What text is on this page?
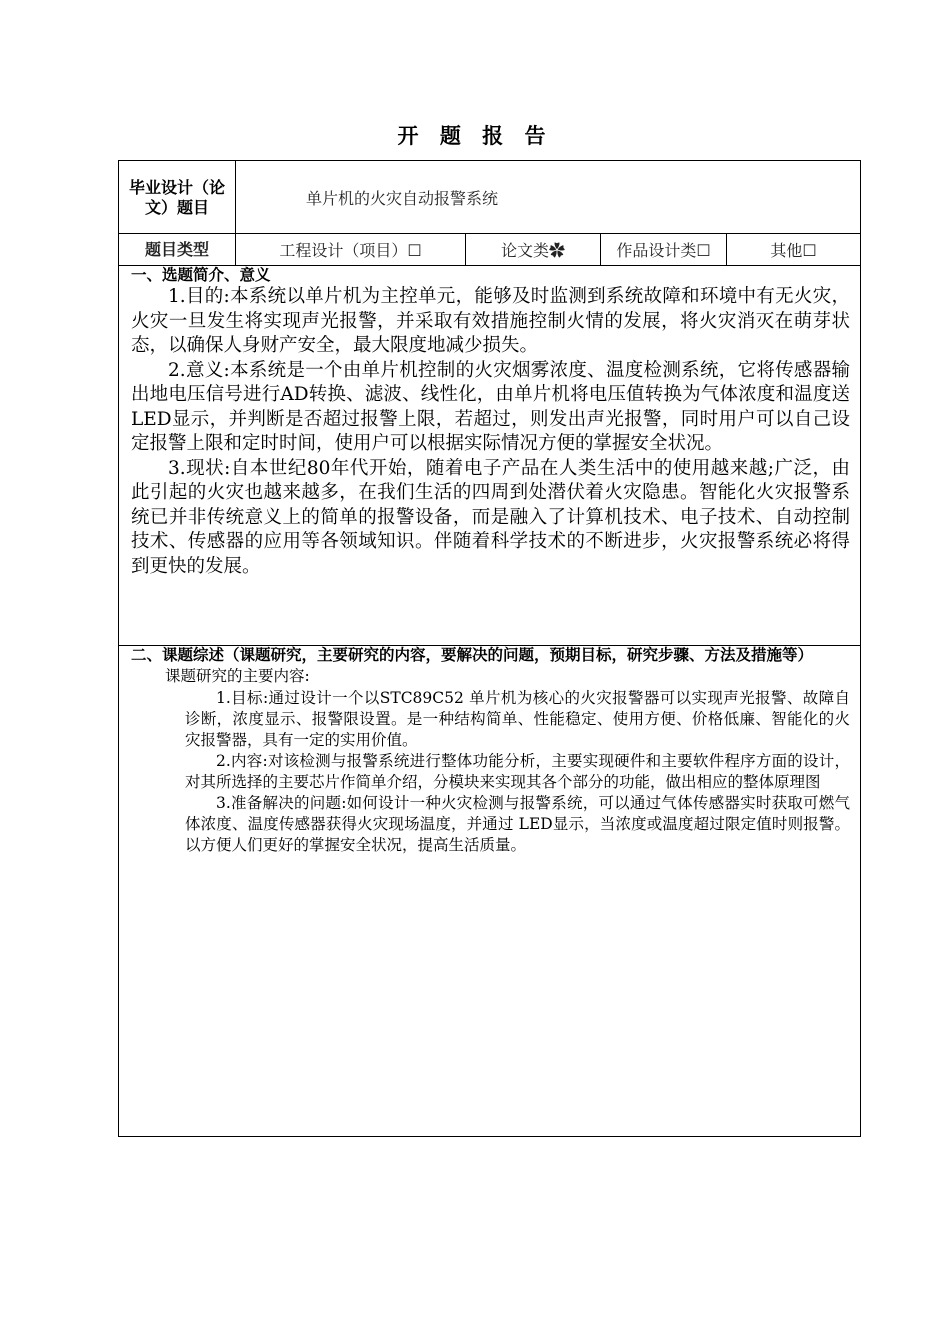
开 题 报 告
毕业设计（论文）题目	单片机的火灾自动报警系统			
题目类型	工程设计（项目）☐	论文类✿	作品设计类☐	其他☐

一、选题简介、意义

1.目的:本系统以单片机为主控单元，能够及时监测到系统故障和环境中有无火灾，火灾一旦发生将实现声光报警，并采取有效措施控制火情的发展，将火灾消灭在萌芽状态，以确保人身财产安全，最大限度地减少损失。

2.意义:本系统是一个由单片机控制的火灾烟雾浓度、温度检测系统，它将传感器输出地电压信号进行AD转换、滤波、线性化，由单片机将电压值转换为气体浓度和温度送LED显示，并判断是否超过报警上限，若超过，则发出声光报警，同时用户可以自己设定报警上限和定时时间，使用户可以根据实际情况方便的掌握安全状况。

3.现状:自本世纪80年代开始，随着电子产品在人类生活中的使用越来越;广泛，由此引起的火灾也越来越多，在我们生活的四周到处潜伏着火灾隐患。智能化火灾报警系统已并非传统意义上的简单的报警设备，而是融入了计算机技术、电子技术、自动控制技术、传感器的应用等各领域知识。伴随着科学技术的不断进步，火灾报警系统必将得到更快的发展。				

二、课题综述（课题研究，主要研究的内容，要解决的问题，预期目标，研究步骤、方法及措施等）
课题研究的主要内容:

1.目标:通过设计一个以STC89C52 单片机为核心的火灾报警器可以实现声光报警、故障自诊断，浓度显示、报警限设置。是一种结构简单、性能稳定、使用方便、价格低廉、智能化的火灾报警器，具有一定的实用价值。

2.内容:对该检测与报警系统进行整体功能分析，主要实现硬件和主要软件程序方面的设计，对其所选择的主要芯片作简单介绍，分模块来实现其各个部分的功能，做出相应的整体原理图

3.准备解决的问题:如何设计一种火灾检测与报警系统，可以通过气体传感器实时获取可燃气体浓度、温度传感器获得火灾现场温度，并通过 LED显示，当浓度或温度超过限定值时则报警。以方便人们更好的掌握安全状况，提高生活质量。				
